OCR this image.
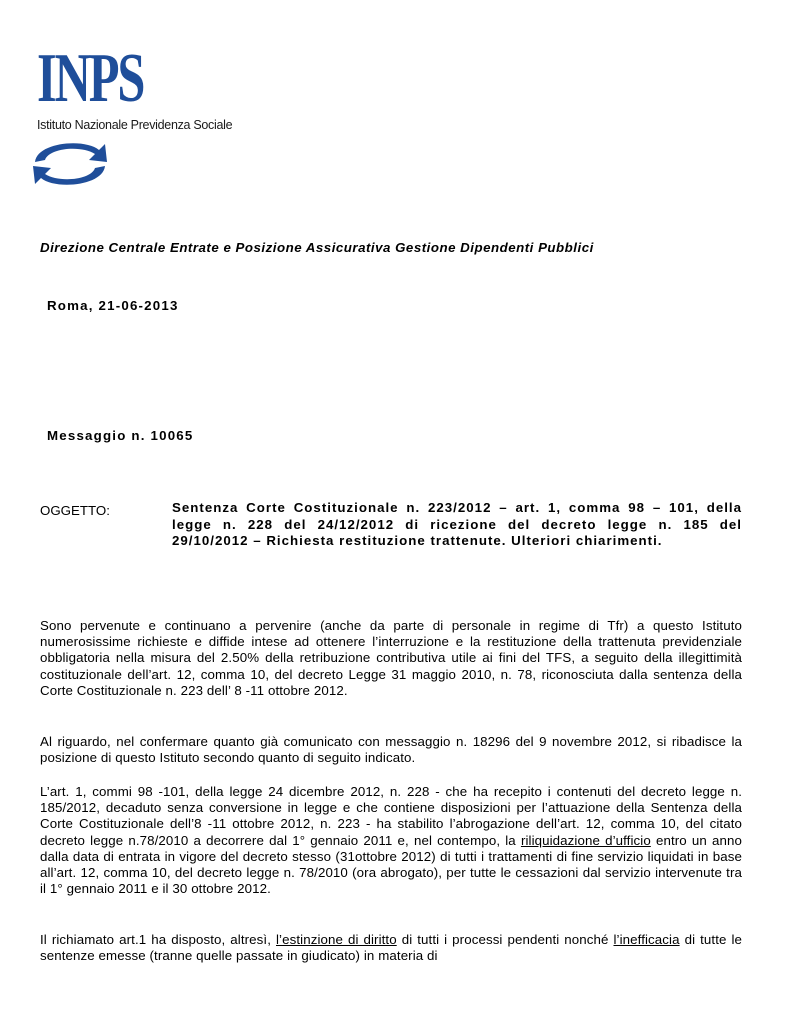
INPS
Istituto Nazionale Previdenza Sociale
Direzione Centrale Entrate e Posizione Assicurativa Gestione Dipendenti Pubblici
Roma, 21-06-2013
Messaggio n. 10065
OGGETTO:	Sentenza Corte Costituzionale n. 223/2012 – art. 1, comma 98 – 101, della legge n. 228 del 24/12/2012 di ricezione del decreto legge n. 185 del 29/10/2012 – Richiesta restituzione trattenute. Ulteriori chiarimenti.
Sono pervenute e continuano a pervenire (anche da parte di personale in regime di Tfr) a questo Istituto numerosissime richieste e diffide intese ad ottenere l’interruzione e la restituzione della trattenuta previdenziale obbligatoria nella misura del 2.50% della retribuzione contributiva utile ai fini del TFS, a seguito della illegittimità costituzionale dell’art. 12, comma 10, del decreto Legge 31 maggio 2010, n. 78, riconosciuta dalla sentenza della Corte Costituzionale n. 223 dell’ 8 -11 ottobre 2012.
Al riguardo, nel confermare quanto già comunicato con messaggio n. 18296 del 9 novembre 2012, si ribadisce la posizione di questo Istituto secondo quanto di seguito indicato.
L’art. 1, commi 98 -101, della legge 24 dicembre 2012, n. 228 - che ha recepito i contenuti del decreto legge n. 185/2012, decaduto senza conversione in legge e che contiene disposizioni per l’attuazione della Sentenza della Corte Costituzionale dell’8 -11 ottobre 2012, n. 223 - ha stabilito l’abrogazione dell’art. 12, comma 10, del citato decreto legge n.78/2010 a decorrere dal 1° gennaio 2011 e, nel contempo, la riliquidazione d’ufficio entro un anno dalla data di entrata in vigore del decreto stesso (31ottobre 2012) di tutti i trattamenti di fine servizio liquidati in base all’art. 12, comma 10, del decreto legge n. 78/2010 (ora abrogato), per tutte le cessazioni dal servizio intervenute tra il 1° gennaio 2011 e il 30 ottobre 2012.
Il richiamato art.1 ha disposto, altresì, l’estinzione di diritto di tutti i processi pendenti nonché l’inefficacia di tutte le sentenze emesse (tranne quelle passate in giudicato) in materia di
